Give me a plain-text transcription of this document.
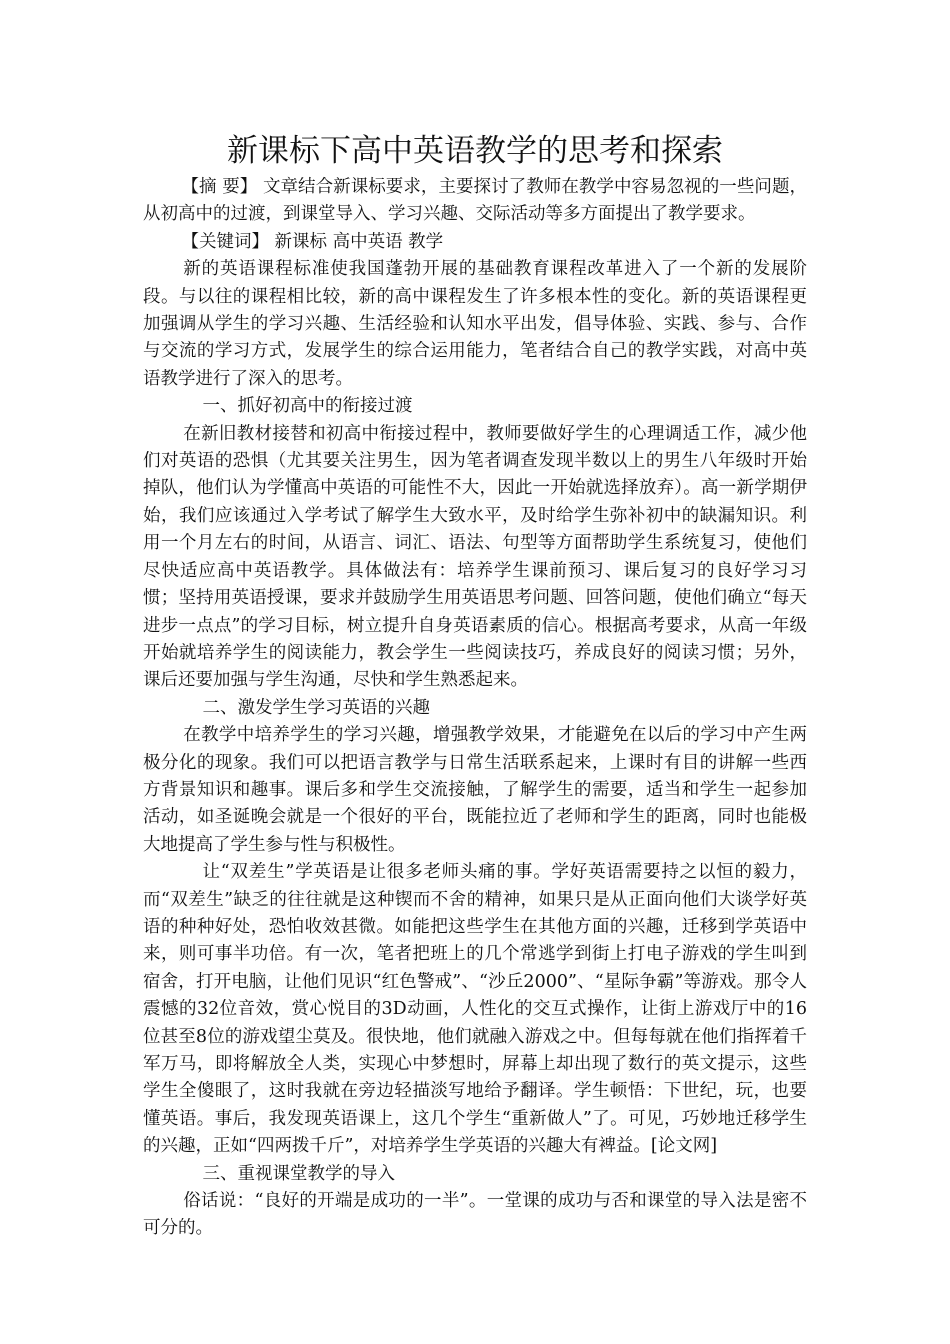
新课标下高中英语教学的思考和探索

【摘 要】 文章结合新课标要求，主要探讨了教师在教学中容易忽视的一些问题，从初高中的过渡，到课堂导入、学习兴趣、交际活动等多方面提出了教学要求。

【关键词】 新课标 高中英语 教学

新的英语课程标准使我国蓬勃开展的基础教育课程改革进入了一个新的发展阶段。与以往的课程相比较，新的高中课程发生了许多根本性的变化。新的英语课程更加强调从学生的学习兴趣、生活经验和认知水平出发，倡导体验、实践、参与、合作与交流的学习方式，发展学生的综合运用能力，笔者结合自己的教学实践，对高中英语教学进行了深入的思考。

一、抓好初高中的衔接过渡

在新旧教材接替和初高中衔接过程中，教师要做好学生的心理调适工作，减少他们对英语的恐惧（尤其要关注男生，因为笔者调查发现半数以上的男生八年级时开始掉队，他们认为学懂高中英语的可能性不大，因此一开始就选择放弃）。高一新学期伊始，我们应该通过入学考试了解学生大致水平，及时给学生弥补初中的缺漏知识。利用一个月左右的时间，从语言、词汇、语法、句型等方面帮助学生系统复习，使他们尽快适应高中英语教学。具体做法有：培养学生课前预习、课后复习的良好学习习惯；坚持用英语授课，要求并鼓励学生用英语思考问题、回答问题，使他们确立“每天进步一点点”的学习目标，树立提升自身英语素质的信心。根据高考要求，从高一年级开始就培养学生的阅读能力，教会学生一些阅读技巧，养成良好的阅读习惯；另外，课后还要加强与学生沟通，尽快和学生熟悉起来。

二、激发学生学习英语的兴趣

在教学中培养学生的学习兴趣，增强教学效果，才能避免在以后的学习中产生两极分化的现象。我们可以把语言教学与日常生活联系起来，上课时有目的讲解一些西方背景知识和趣事。课后多和学生交流接触，了解学生的需要，适当和学生一起参加活动，如圣诞晚会就是一个很好的平台，既能拉近了老师和学生的距离，同时也能极大地提高了学生参与性与积极性。

让“双差生”学英语是让很多老师头痛的事。学好英语需要持之以恒的毅力，而“双差生”缺乏的往往就是这种锲而不舍的精神，如果只是从正面向他们大谈学好英语的种种好处，恐怕收效甚微。如能把这些学生在其他方面的兴趣，迁移到学英语中来，则可事半功倍。有一次，笔者把班上的几个常逃学到街上打电子游戏的学生叫到宿舍，打开电脑，让他们见识“红色警戒”、“沙丘2000”、“星际争霸”等游戏。那令人震憾的32位音效，赏心悦目的3D动画，人性化的交互式操作，让街上游戏厅中的16位甚至8位的游戏望尘莫及。很快地，他们就融入游戏之中。但每每就在他们指挥着千军万马，即将解放全人类，实现心中梦想时，屏幕上却出现了数行的英文提示，这些学生全傻眼了，这时我就在旁边轻描淡写地给予翻译。学生顿悟：下世纪，玩，也要懂英语。事后，我发现英语课上，这几个学生“重新做人”了。可见，巧妙地迁移学生的兴趣，正如“四两拨千斤”，对培养学生学英语的兴趣大有裨益。[论文网]

三、重视课堂教学的导入

俗话说：“良好的开端是成功的一半”。一堂课的成功与否和课堂的导入法是密不可分的。
